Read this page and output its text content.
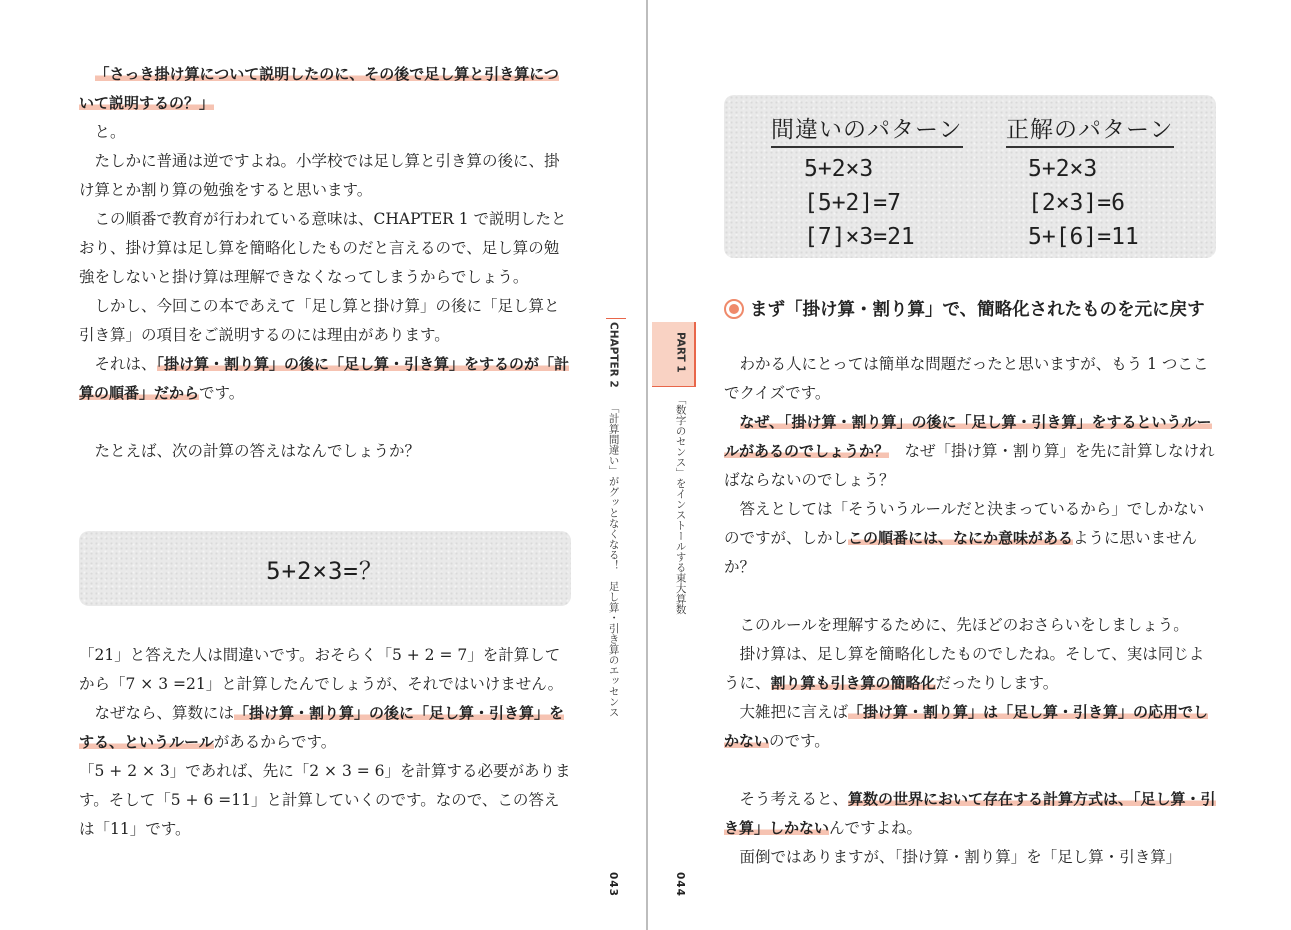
「さっき掛け算について説明したのに、その後で足し算と引き算について説明するの？」

と。

たしかに普通は逆ですよね。小学校では足し算と引き算の後に、掛け算とか割り算の勉強をすると思います。

この順番で教育が行われている意味は、CHAPTER 1 で説明したとおり、掛け算は足し算を簡略化したものだと言えるので、足し算の勉強をしないと掛け算は理解できなくなってしまうからでしょう。

しかし、今回この本であえて「足し算と掛け算」の後に「足し算と引き算」の項目をご説明するのには理由があります。

それは、「掛け算・割り算」の後に「足し算・引き算」をするのが「計算の順番」だからです。

たとえば、次の計算の答えはなんでしょうか？

5+2×3=？

「21」と答えた人は間違いです。おそらく「5 + 2 = 7」を計算してから「7 × 3 =21」と計算したんでしょうが、それではいけません。

なぜなら、算数には「掛け算・割り算」の後に「足し算・引き算」をする、というルールがあるからです。

「5 + 2 × 3」であれば、先に「2 × 3 = 6」を計算する必要があります。そして「5 + 6 =11」と計算していくのです。なので、この答えは「11」です。

CHAPTER 2  「計算間違い」がグッとなくなる！　足し算・引き算のエッセンス
043
間違いのパターン
5+2×3
[5+2]=7
[7]×3=21
正解のパターン
5+2×3
[2×3]=6
5+[6]=11
まず「掛け算・割り算」で、簡略化されたものを元に戻す

わかる人にとっては簡単な問題だったと思いますが、もう 1 つここでクイズです。

なぜ、「掛け算・割り算」の後に「足し算・引き算」をするというルールがあるのでしょうか？　なぜ「掛け算・割り算」を先に計算しなければならないのでしょう？

答えとしては「そういうルールだと決まっているから」でしかないのですが、しかしこの順番には、なにか意味があるように思いませんか？

このルールを理解するために、先ほどのおさらいをしましょう。

掛け算は、足し算を簡略化したものでしたね。そして、実は同じように、割り算も引き算の簡略化だったりします。

大雑把に言えば「掛け算・割り算」は「足し算・引き算」の応用でしかないのです。

そう考えると、算数の世界において存在する計算方式は、「足し算・引き算」しかないんですよね。

面倒ではありますが、「掛け算・割り算」を「足し算・引き算」

PART 1
「数字のセンス」をインストールする東大算数
044
